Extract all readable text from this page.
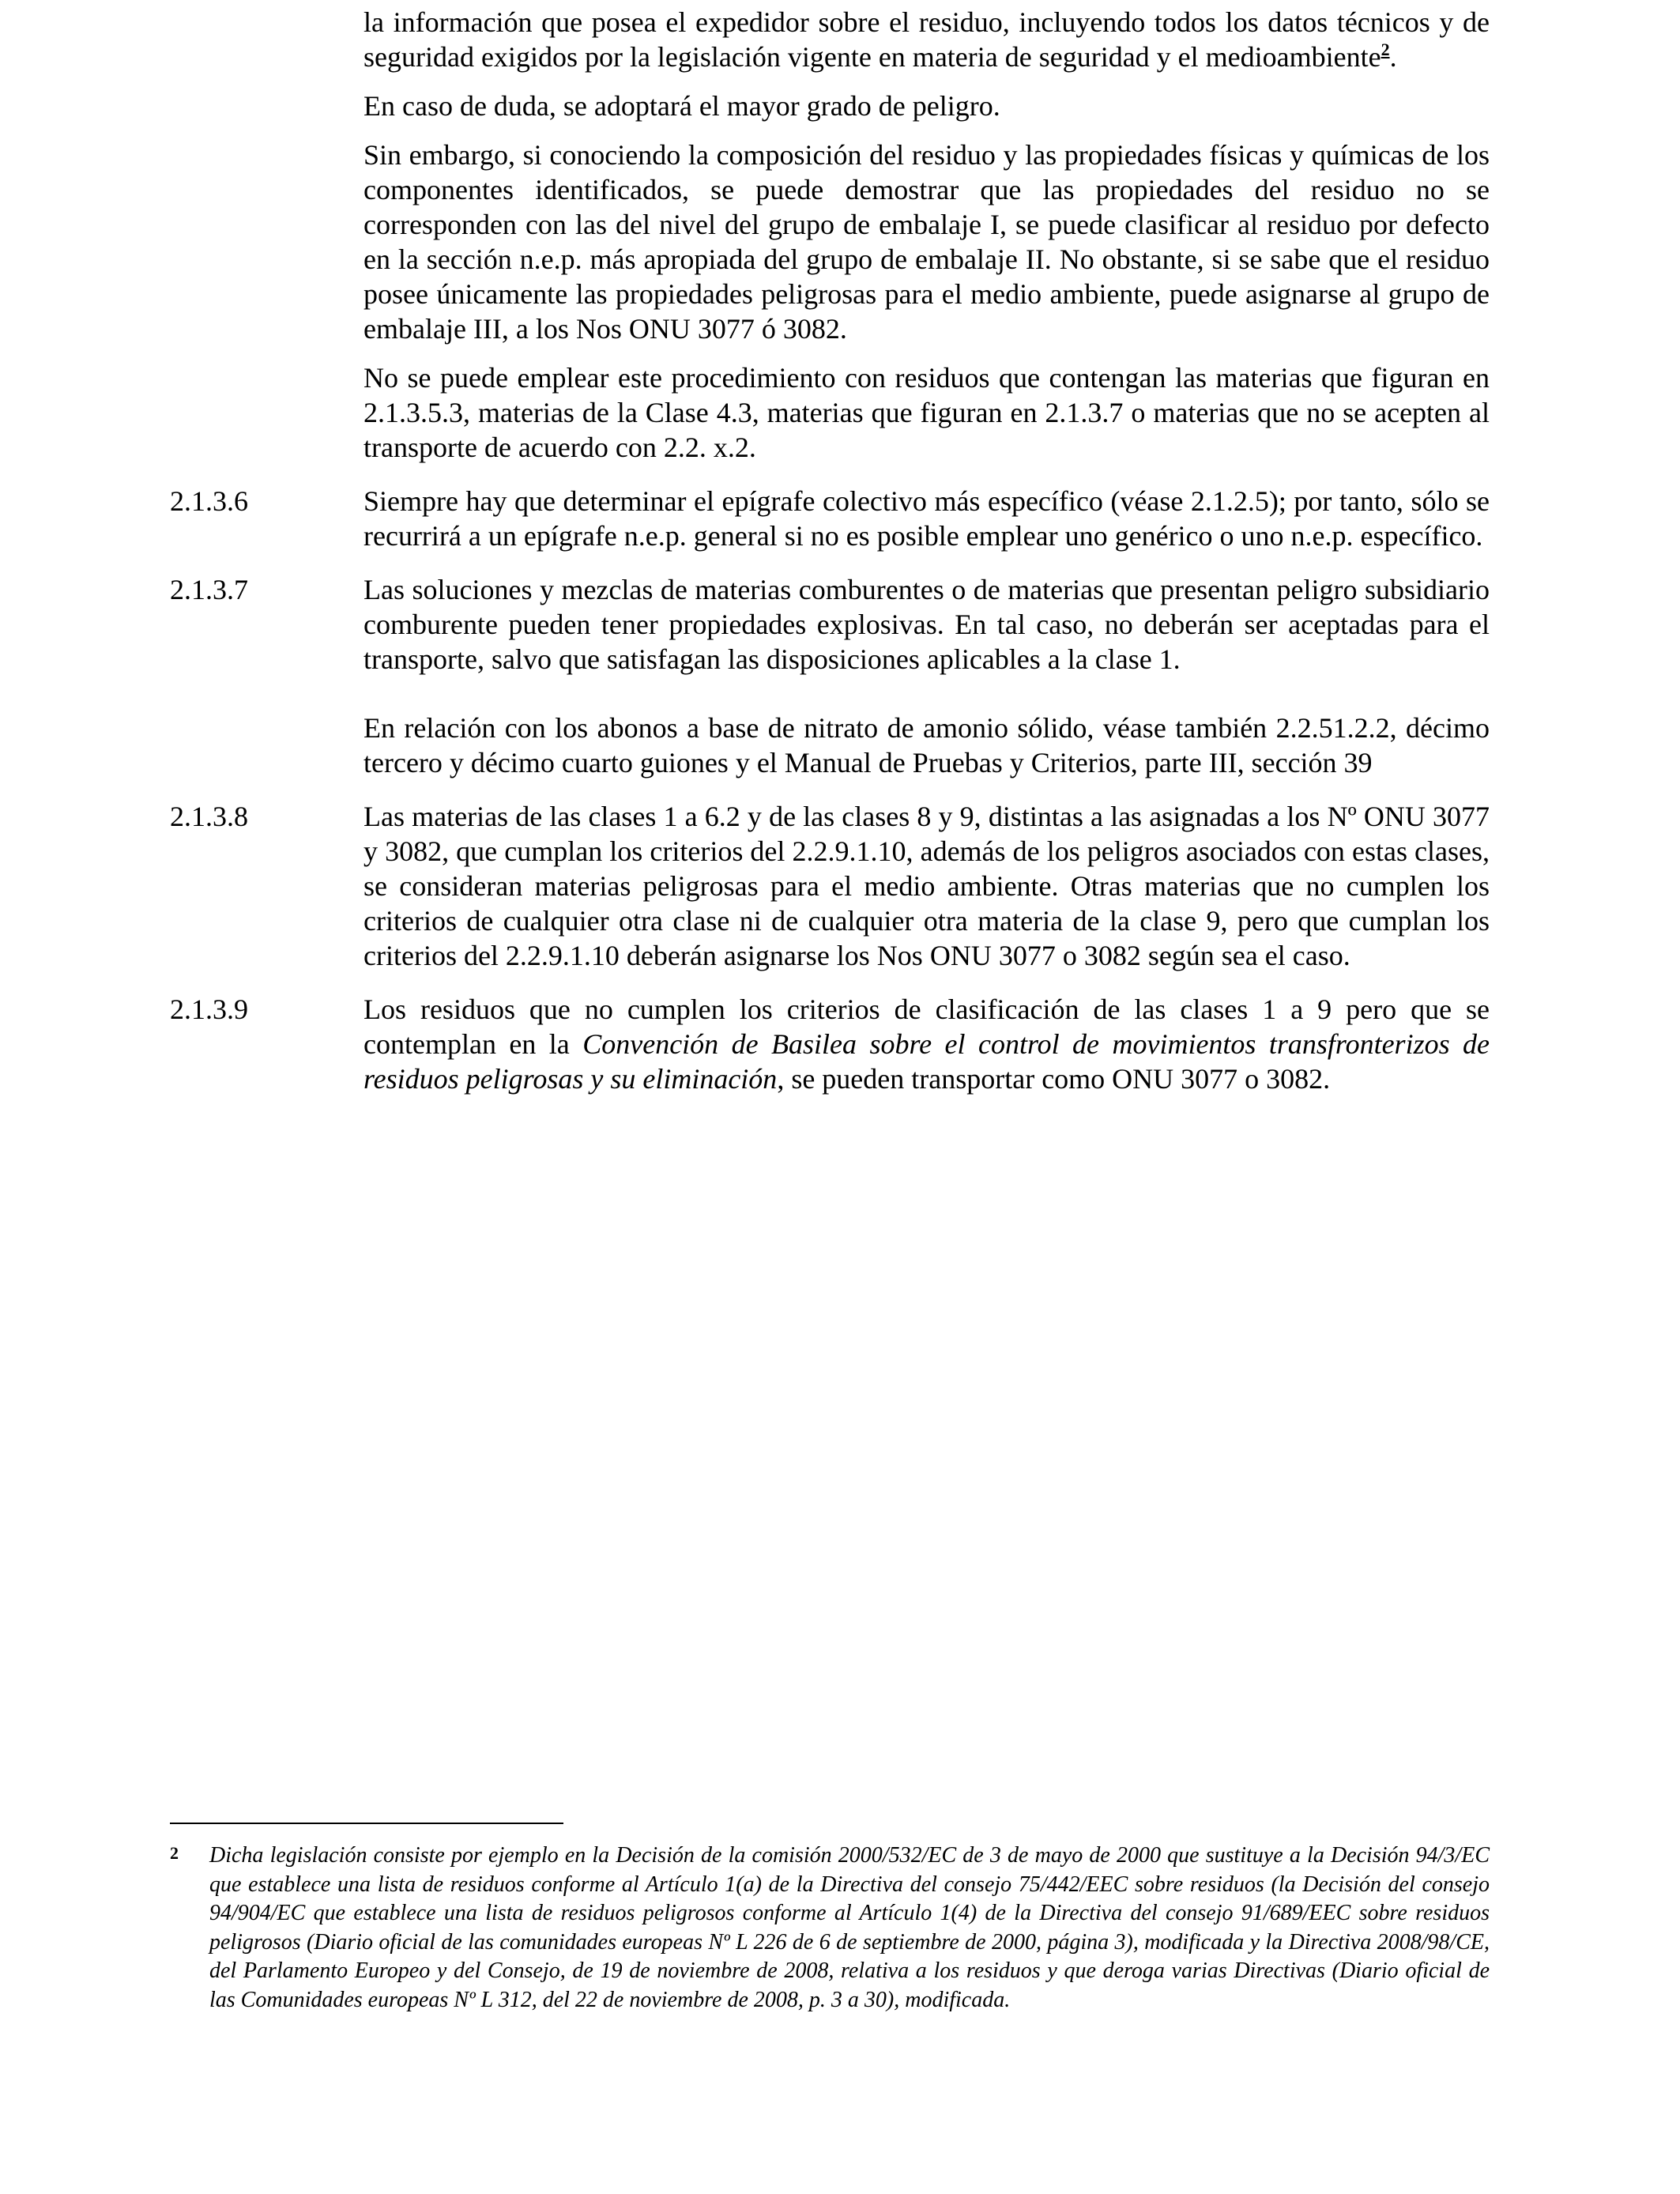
la información que posea el expedidor sobre el residuo, incluyendo todos los datos técnicos y de seguridad exigidos por la legislación vigente en materia de seguridad y el medioambiente$^2$.

En caso de duda, se adoptará el mayor grado de peligro.

Sin embargo, si conociendo la composición del residuo y las propiedades físicas y químicas de los componentes identificados, se puede demostrar que las propiedades del residuo no se corresponden con las del nivel del grupo de embalaje I, se puede clasificar al residuo por defecto en la sección n.e.p. más apropiada del grupo de embalaje II. No obstante, si se sabe que el residuo posee únicamente las propiedades peligrosas para el medio ambiente, puede asignarse al grupo de embalaje III, a los Nos ONU 3077 ó 3082.

No se puede emplear este procedimiento con residuos que contengan las materias que figuran en 2.1.3.5.3, materias de la Clase 4.3, materias que figuran en 2.1.3.7 o materias que no se acepten al transporte de acuerdo con 2.2. x.2.

2.1.3.6	Siempre hay que determinar el epígrafe colectivo más específico (véase 2.1.2.5); por tanto, sólo se recurrirá a un epígrafe n.e.p. general si no es posible emplear uno genérico o uno n.e.p. específico.
2.1.3.7	Las soluciones y mezclas de materias comburentes o de materias que presentan peligro subsidiario comburente pueden tener propiedades explosivas. En tal caso, no deberán ser aceptadas para el transporte, salvo que satisfagan las disposiciones aplicables a la clase 1.

En relación con los abonos a base de nitrato de amonio sólido, véase también 2.2.51.2.2, décimo tercero y décimo cuarto guiones y el Manual de Pruebas y Criterios, parte III, sección 39

2.1.3.8	Las materias de las clases 1 a 6.2 y de las clases 8 y 9, distintas a las asignadas a los Nº ONU 3077 y 3082, que cumplan los criterios del 2.2.9.1.10, además de los peligros asociados con estas clases, se consideran materias peligrosas para el medio ambiente. Otras materias que no cumplen los criterios de cualquier otra clase ni de cualquier otra materia de la clase 9, pero que cumplan los criterios del 2.2.9.1.10 deberán asignarse los Nos ONU 3077 o 3082 según sea el caso.
2.1.3.9	Los residuos que no cumplen los criterios de clasificación de las clases 1 a 9 pero que se contemplan en la Convención de Basilea sobre el control de movimientos transfronterizos de residuos peligrosas y su eliminación, se pueden transportar como ONU 3077 o 3082.
2	Dicha legislación consiste por ejemplo en la Decisión de la comisión 2000/532/EC de 3 de mayo de 2000 que sustituye a la Decisión 94/3/EC que establece una lista de residuos conforme al Artículo 1(a) de la Directiva del consejo 75/442/EEC sobre residuos (la Decisión del consejo 94/904/EC que establece una lista de residuos peligrosos conforme al Artículo 1(4) de la Directiva del consejo 91/689/EEC sobre residuos peligrosos (Diario oficial de las comunidades europeas Nº L 226 de 6 de septiembre de 2000, página 3), modificada y la Directiva 2008/98/CE, del Parlamento Europeo y del Consejo, de 19 de noviembre de 2008, relativa a los residuos y que deroga varias Directivas (Diario oficial de las Comunidades europeas Nº L 312, del 22 de noviembre de 2008, p. 3 a 30), modificada.
